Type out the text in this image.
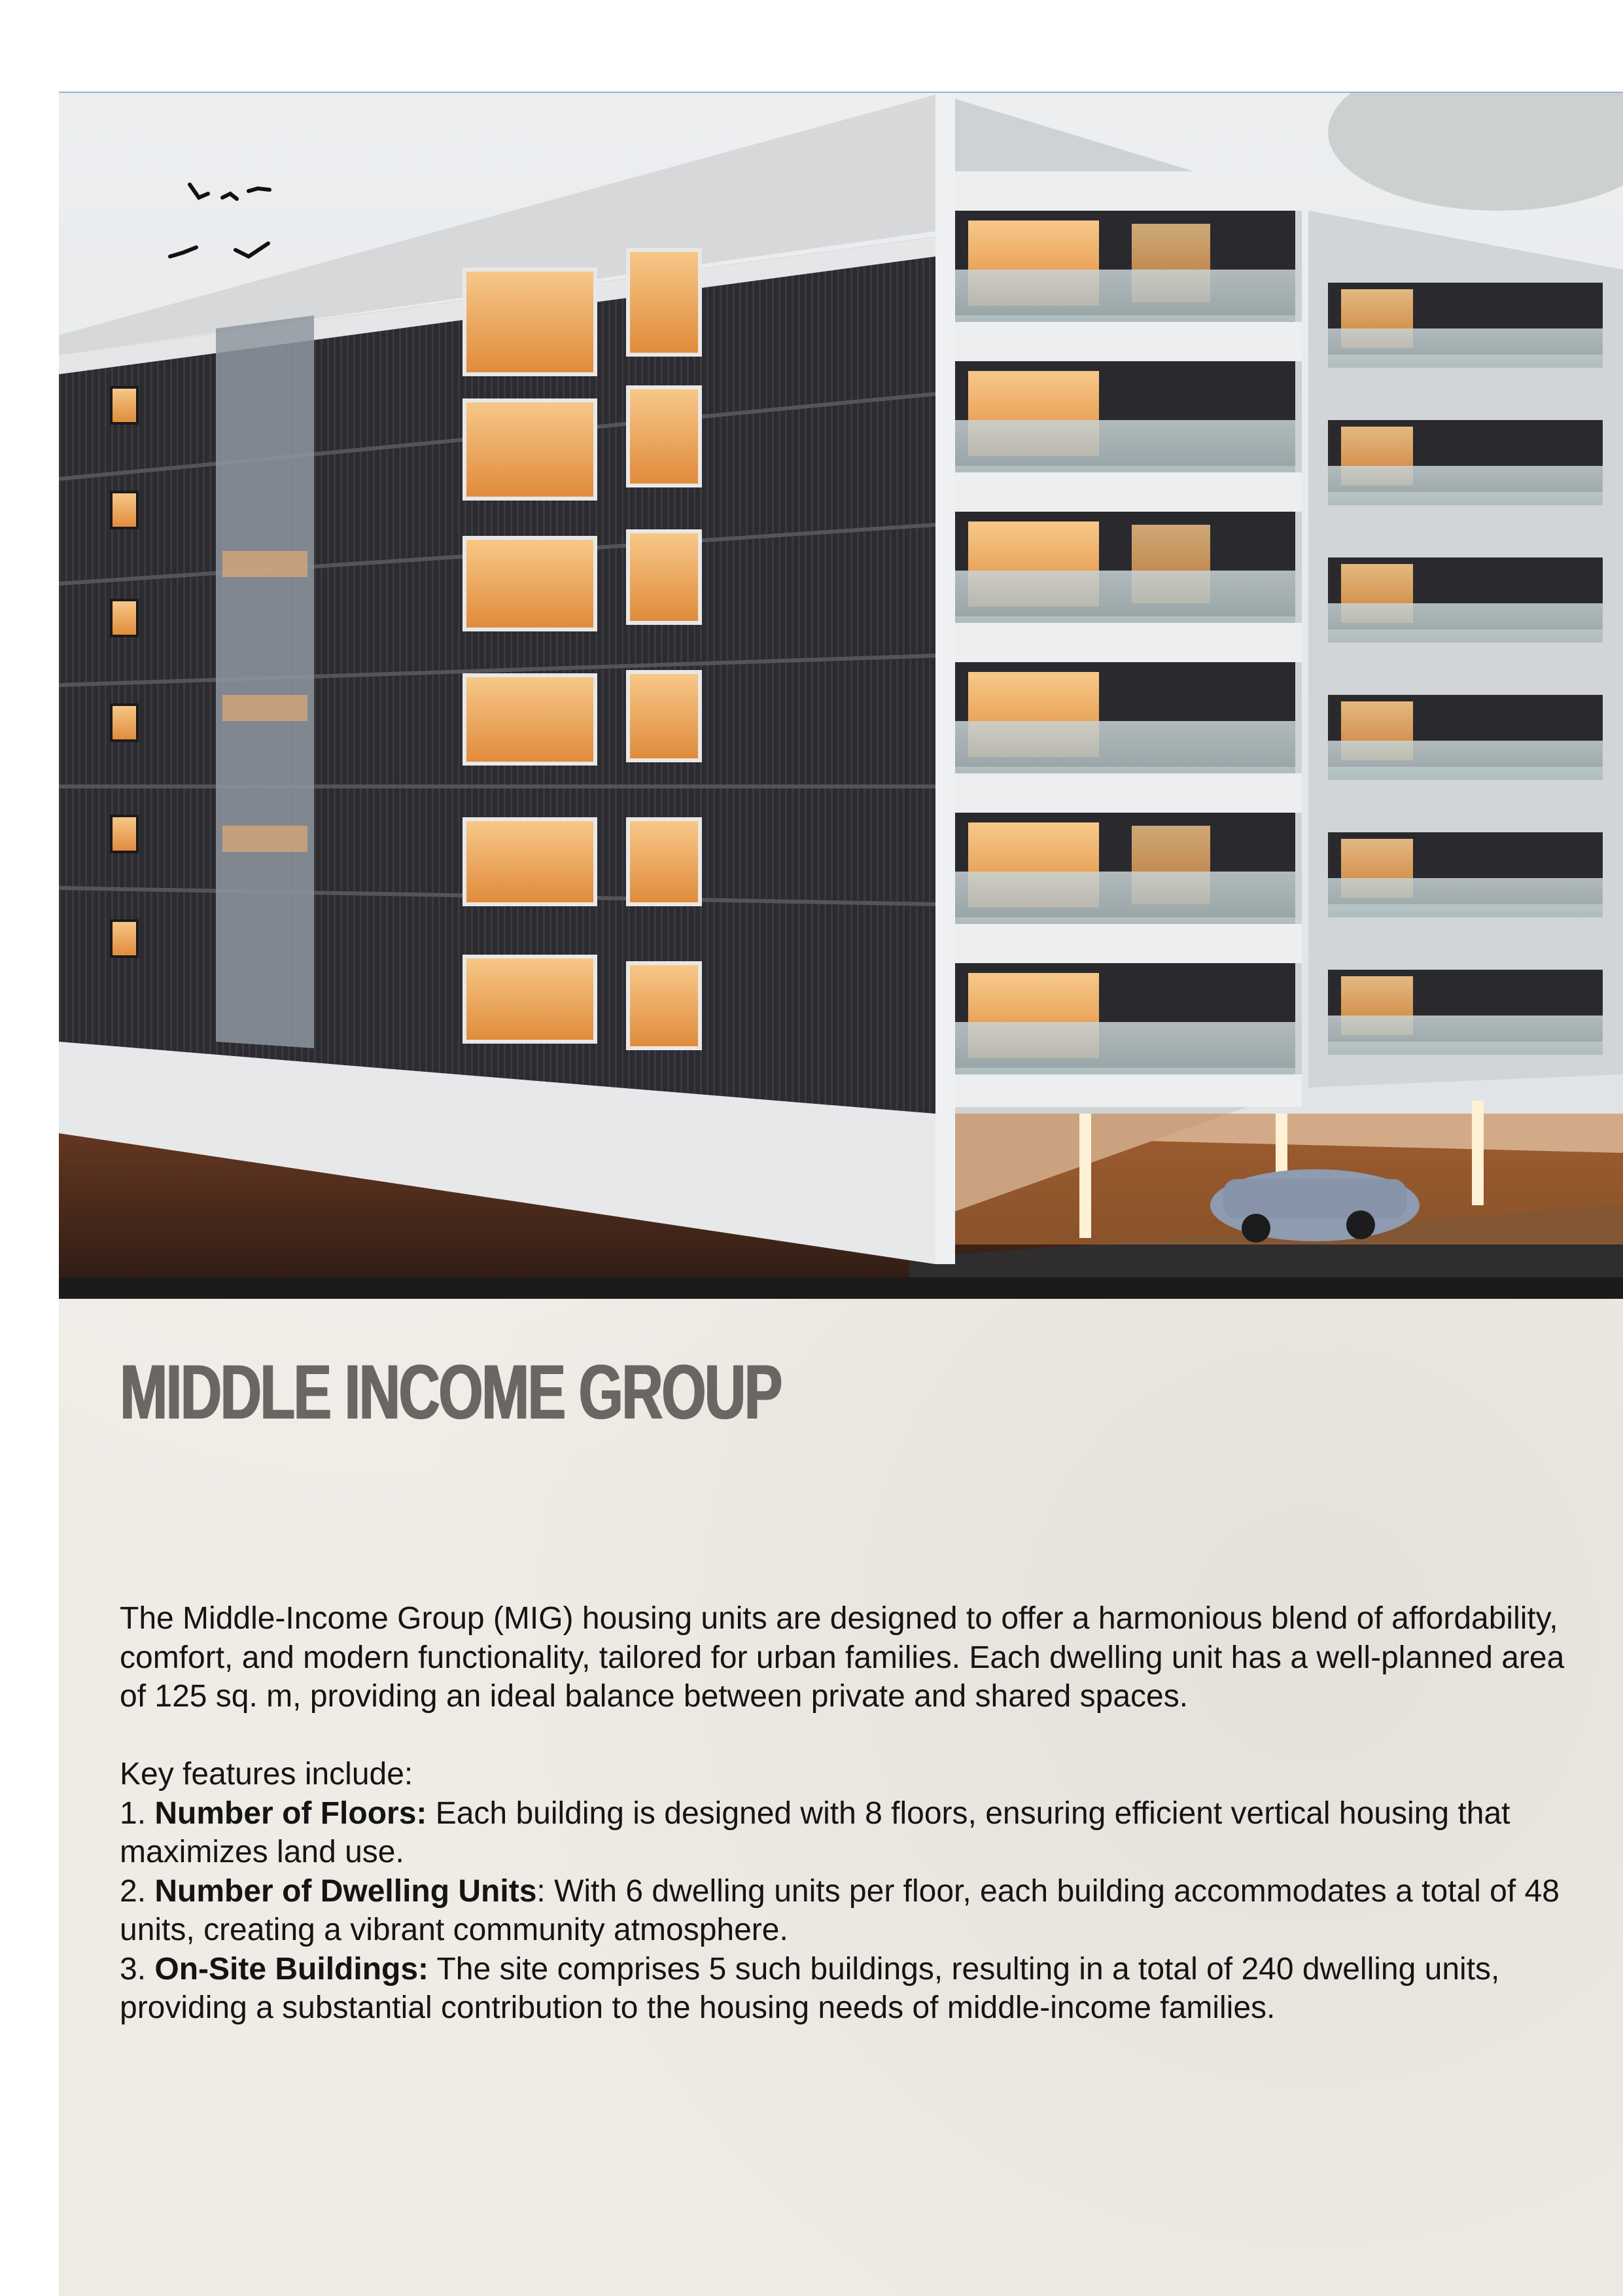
MIDDLE INCOME GROUP

The Middle-Income Group (MIG) housing units are designed to offer a harmonious blend of affordability, comfort, and modern functionality, tailored for urban families. Each dwelling unit has a well-planned area of 125 sq. m, providing an ideal balance between private and shared spaces.

Key features include:

1. Number of Floors: Each building is designed with 8 floors, ensuring efficient vertical housing that maximizes land use.

2. Number of Dwelling Units: With 6 dwelling units per floor, each building accommodates a total of 48 units, creating a vibrant community atmosphere.

3. On-Site Buildings: The site comprises 5 such buildings, resulting in a total of 240 dwelling units, providing a substantial contribution to the housing needs of middle-income families.
